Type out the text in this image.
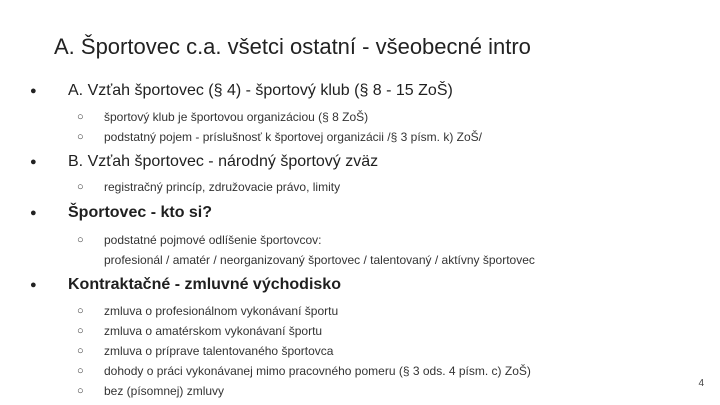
A. Športovec c.a. všetci ostatní - všeobecné intro

● A. Vzťah športovec (§ 4) - športový klub (§ 8 - 15 ZoŠ)

○ športový klub je športovou organizáciou (§ 8 ZoŠ)
○ podstatný pojem - príslušnosť k športovej organizácii /§ 3 písm. k) ZoŠ/

● B. Vzťah športovec - národný športový zväz

○ registračný princíp, združovacie právo, limity

● Športovec - kto si?

○ podstatné pojmové odlíšenie športovcov:
profesionál / amatér / neorganizovaný športovec / talentovaný / aktívny športovec

● Kontraktačné - zmluvné východisko

○ zmluva o profesionálnom vykonávaní športu
○ zmluva o amatérskom vykonávaní športu
○ zmluva o príprave talentovaného športovca
○ dohody o práci vykonávanej mimo pracovného pomeru (§ 3 ods. 4 písm. c) ZoŠ)
○ bez (písomnej) zmluvy
4
